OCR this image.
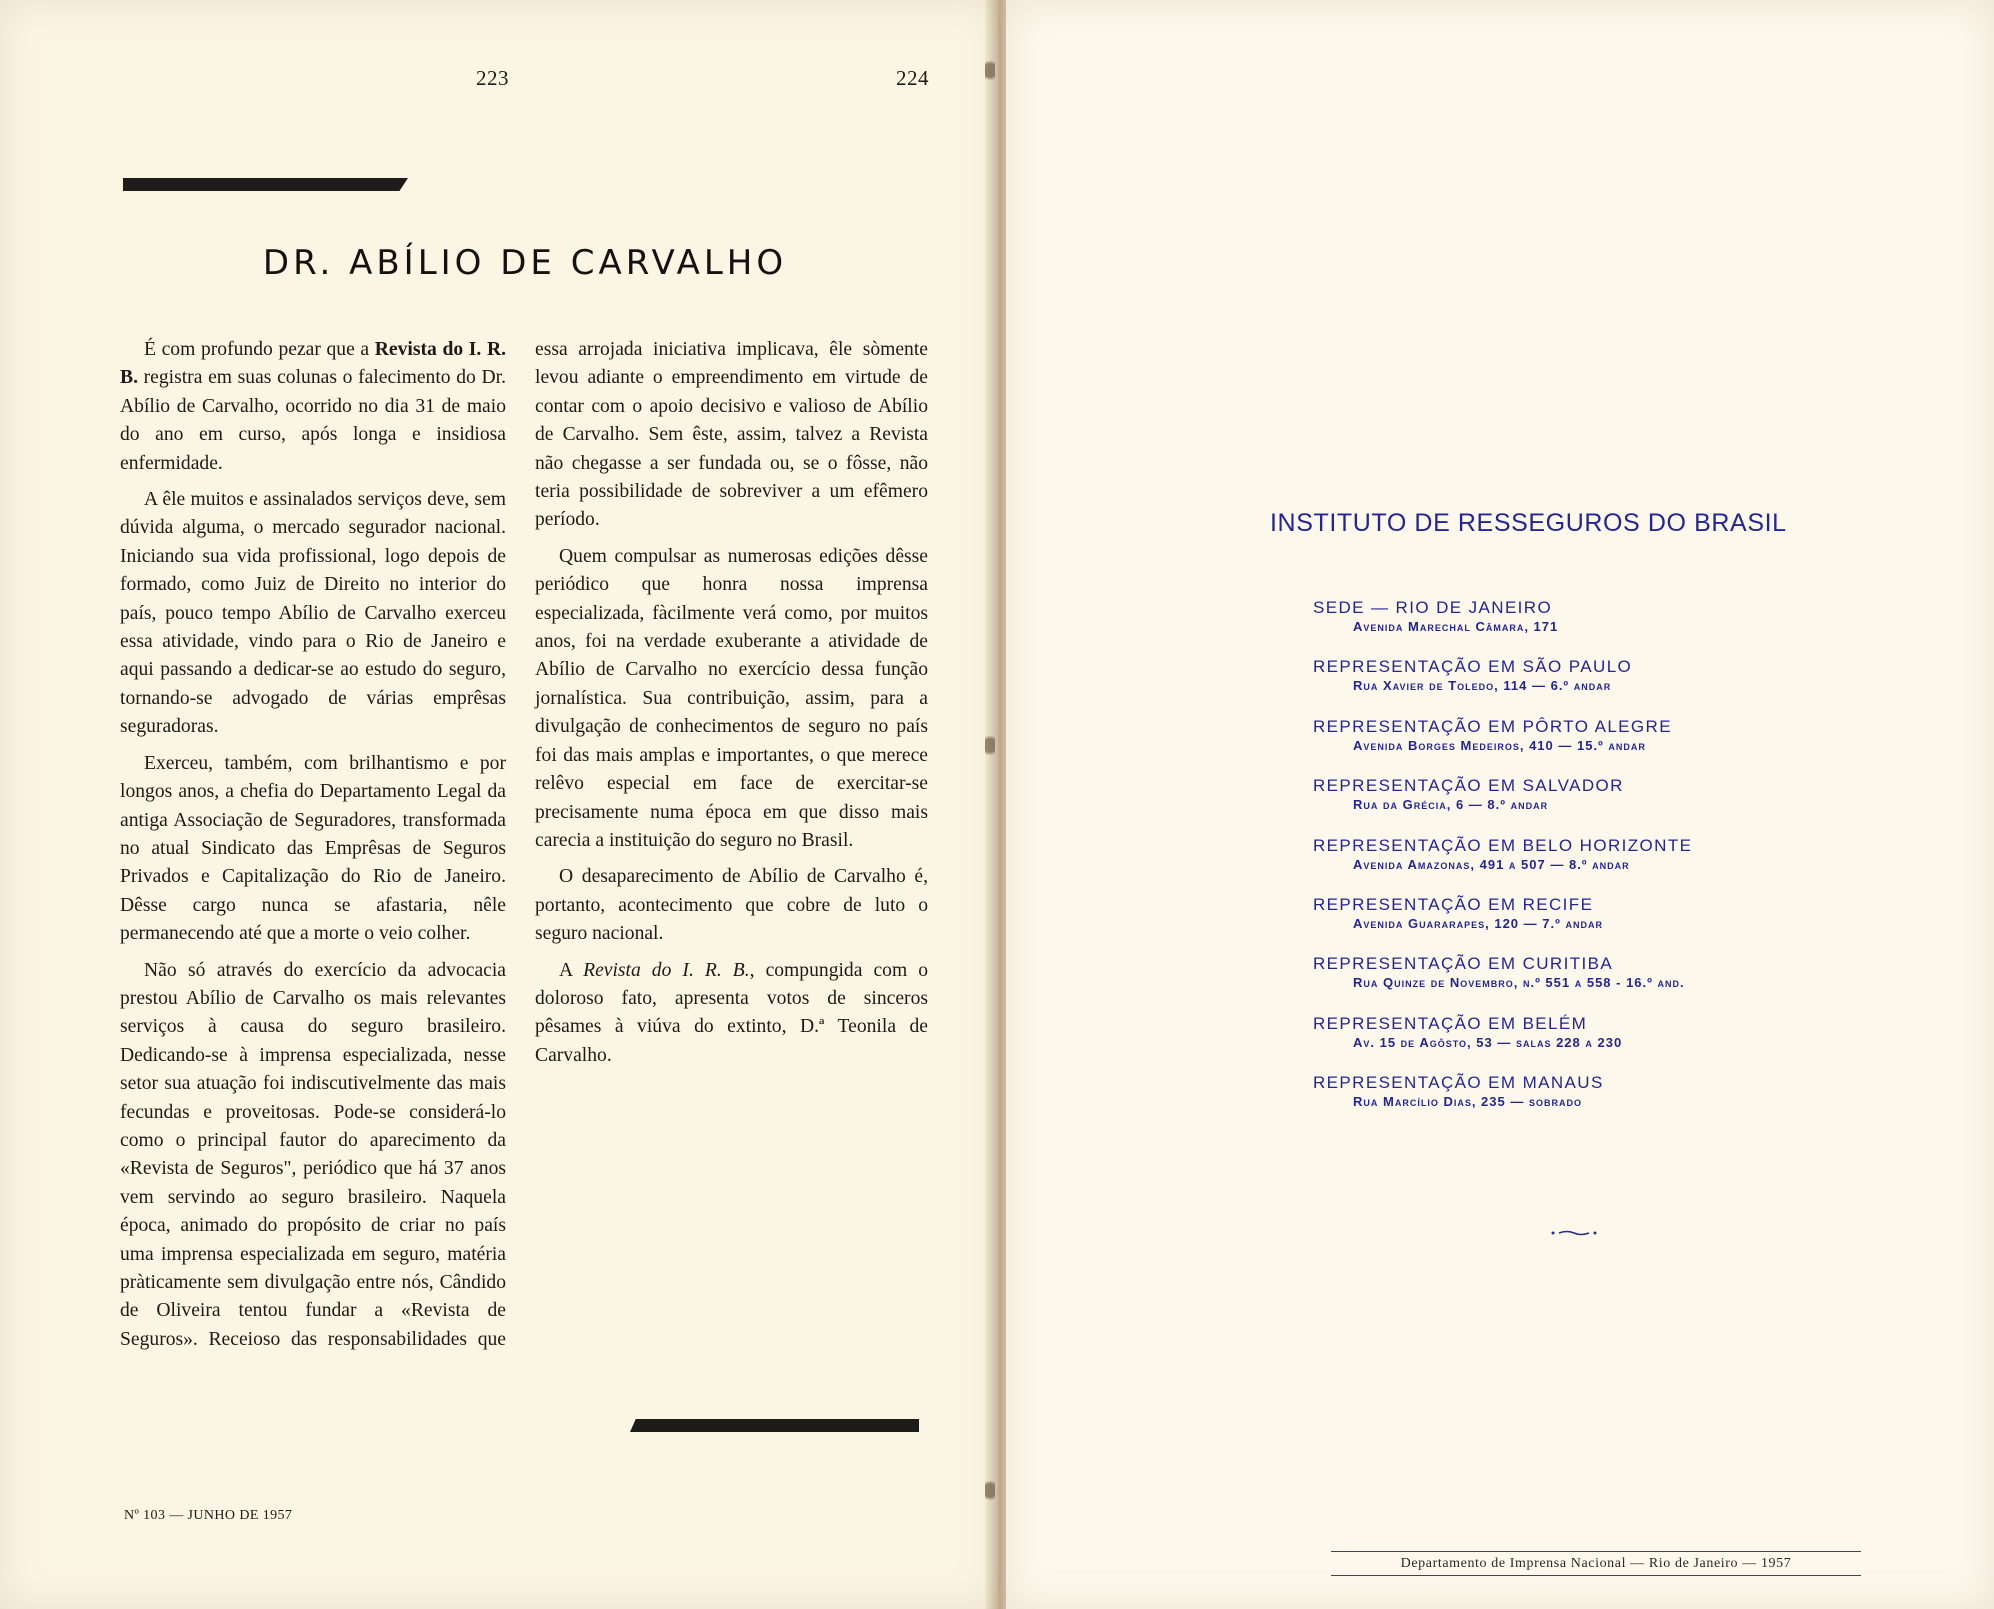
223	224
DR. ABÍLIO DE CARVALHO

É com profundo pezar que a Revista do I. R. B. registra em suas colunas o falecimento do Dr. Abílio de Carvalho, ocorrido no dia 31 de maio do ano em curso, após longa e insidiosa enfermidade.

A êle muitos e assinalados serviços deve, sem dúvida alguma, o mercado segurador nacional. Iniciando sua vida profissional, logo depois de formado, como Juiz de Direito no interior do país, pouco tempo Abílio de Carvalho exerceu essa atividade, vindo para o Rio de Janeiro e aqui passando a dedicar-se ao estudo do seguro, tornando-se advogado de várias emprêsas seguradoras.

Exerceu, também, com brilhantismo e por longos anos, a chefia do Departamento Legal da antiga Associação de Seguradores, transformada no atual Sindicato das Emprêsas de Seguros Privados e Capitalização do Rio de Janeiro. Dêsse cargo nunca se afastaria, nêle permanecendo até que a morte o veio colher.

Não só através do exercício da advocacia prestou Abílio de Carvalho os mais relevantes serviços à causa do seguro brasileiro. Dedicando-se à imprensa especializada, nesse setor sua atuação foi indiscutivelmente das mais fecundas e proveitosas. Pode-se considerá-lo como o principal fautor do aparecimento da «Revista de Seguros", periódico que há 37 anos vem servindo ao seguro brasileiro. Naquela época, animado do propósito de criar no país uma imprensa especializada em seguro, matéria pràticamente sem divulgação entre nós, Cândido de Oliveira tentou fundar a «Revista de Seguros». Receioso das responsabilidades que

essa arrojada iniciativa implicava, êle sòmente levou adiante o empreendimento em virtude de contar com o apoio decisivo e valioso de Abílio de Carvalho. Sem êste, assim, talvez a Revista não chegasse a ser fundada ou, se o fôsse, não teria possibilidade de sobreviver a um efêmero período.

Quem compulsar as numerosas edições dêsse periódico que honra nossa imprensa especializada, fàcilmente verá como, por muitos anos, foi na verdade exuberante a atividade de Abílio de Carvalho no exercício dessa função jornalística. Sua contribuição, assim, para a divulgação de conhecimentos de seguro no país foi das mais amplas e importantes, o que merece relêvo especial em face de exercitar-se precisamente numa época em que disso mais carecia a instituição do seguro no Brasil.

O desaparecimento de Abílio de Carvalho é, portanto, acontecimento que cobre de luto o seguro nacional.

A Revista do I. R. B., compungida com o doloroso fato, apresenta votos de sinceros pêsames à viúva do extinto, D.ª Teonila de Carvalho.

Nº 103 — JUNHO DE 1957
INSTITUTO DE RESSEGUROS DO BRASIL
SEDE — RIO DE JANEIRO
Avenida Marechal Câmara, 171
REPRESENTAÇÃO EM SÃO PAULO
Rua Xavier de Toledo, 114 — 6.º andar
REPRESENTAÇÃO EM PÔRTO ALEGRE
Avenida Borges Medeiros, 410 — 15.º andar
REPRESENTAÇÃO EM SALVADOR
Rua da Grécia, 6 — 8.º andar
REPRESENTAÇÃO EM BELO HORIZONTE
Avenida Amazonas, 491 a 507 — 8.º andar
REPRESENTAÇÃO EM RECIFE
Avenida Guararapes, 120 — 7.º andar
REPRESENTAÇÃO EM CURITIBA
Rua Quinze de Novembro, n.º 551 a 558 - 16.º and.
REPRESENTAÇÃO EM BELÉM
Av. 15 de Agôsto, 53 — salas 228 a 230
REPRESENTAÇÃO EM MANAUS
Rua Marcílio Dias, 235 — sobrado
Departamento de Imprensa Nacional — Rio de Janeiro — 1957
